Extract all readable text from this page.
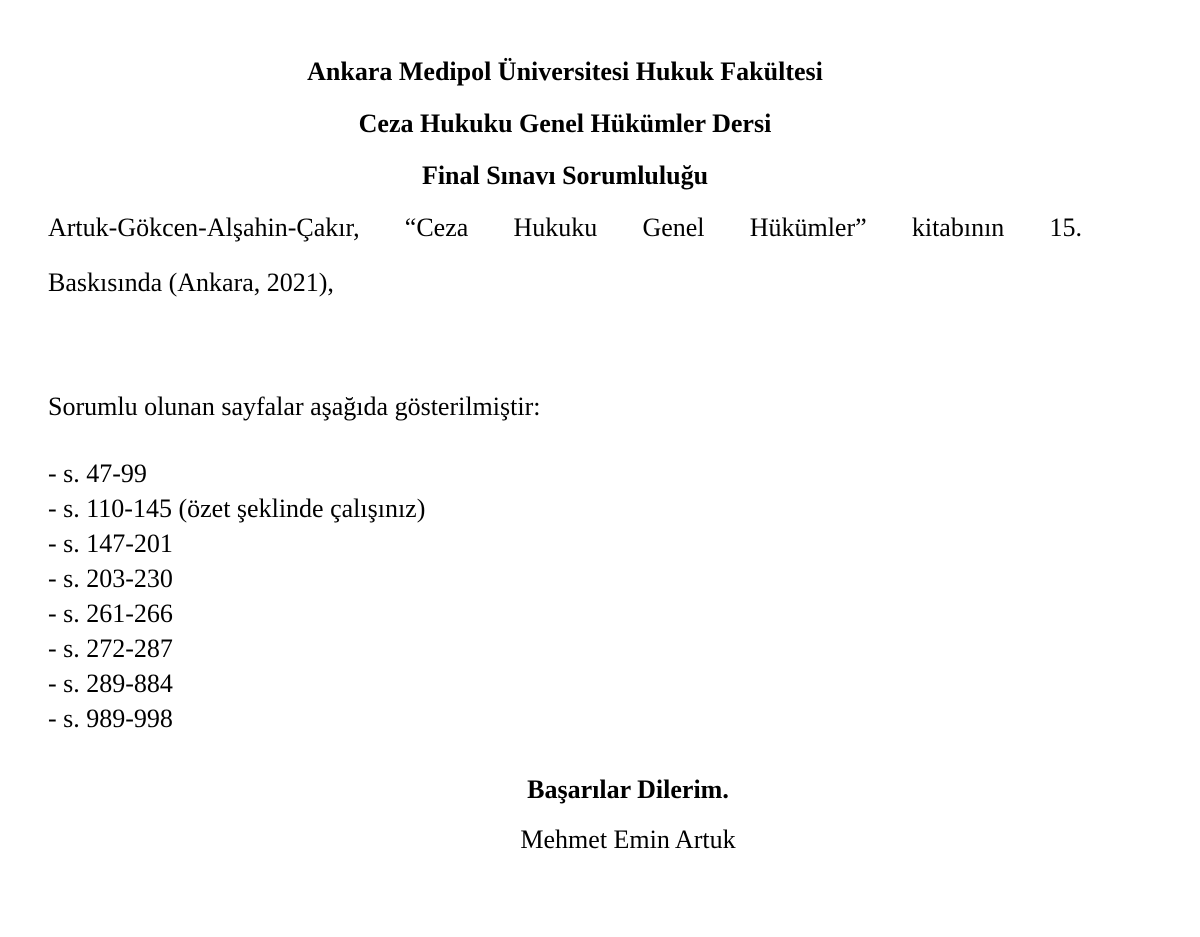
Ankara Medipol Üniversitesi Hukuk Fakültesi
Ceza Hukuku Genel Hükümler Dersi
Final Sınavı Sorumluluğu

Artuk-Gökcen-Alşahin-Çakır, “Ceza Hukuku Genel Hükümler” kitabının 15.

Baskısında (Ankara, 2021),

Sorumlu olunan sayfalar aşağıda gösterilmiştir:

- s. 47-99
- s. 110-145 (özet şeklinde çalışınız)
- s. 147-201
- s. 203-230
- s. 261-266
- s. 272-287
- s. 289-884
- s. 989-998

Başarılar Dilerim.

Mehmet Emin Artuk
